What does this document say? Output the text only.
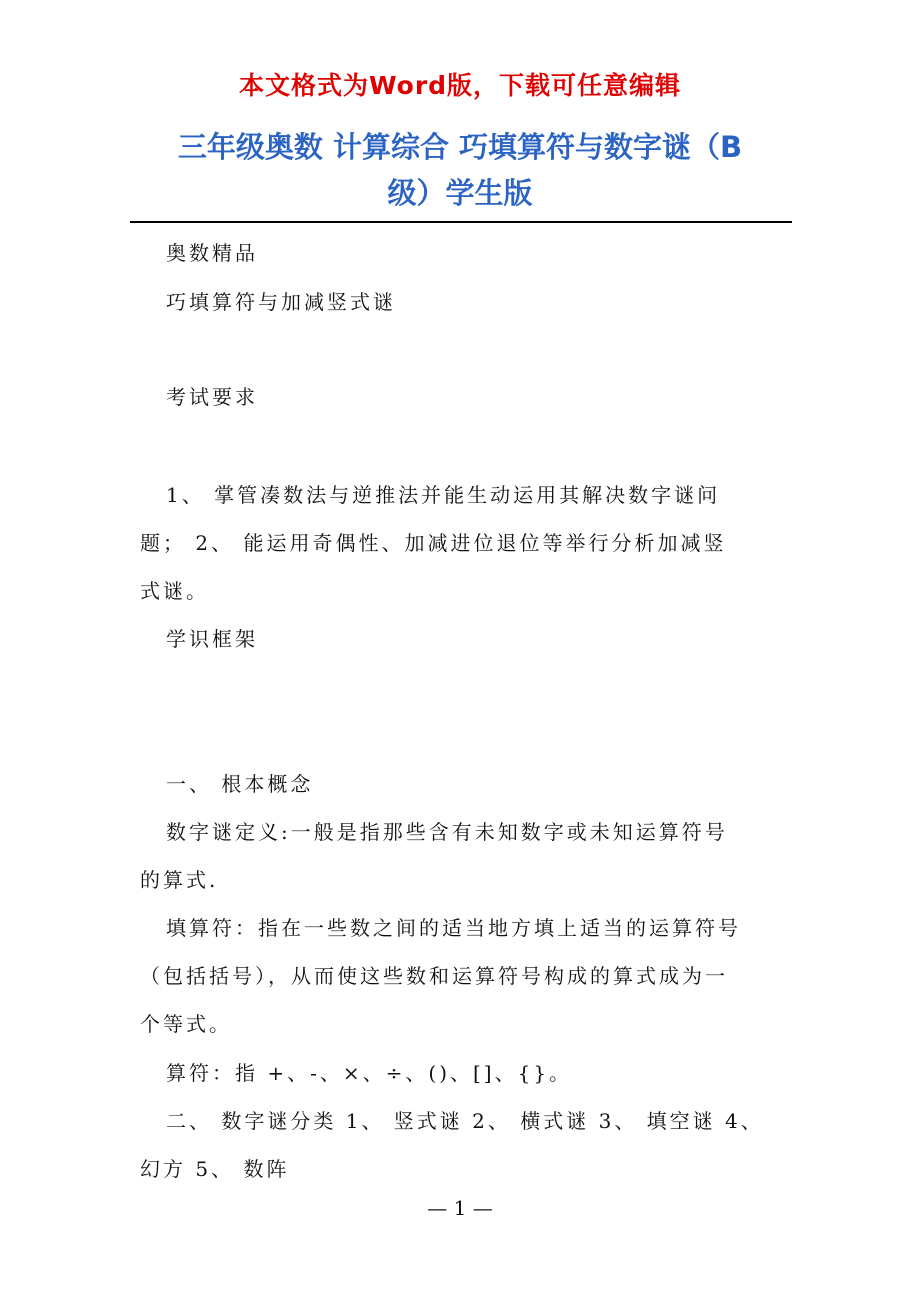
本文格式为Word版，下载可任意编辑
三年级奥数 计算综合 巧填算符与数字谜（B
级）学生版
奥数精品
巧填算符与加减竖式谜
考试要求
1、 掌管凑数法与逆推法并能生动运用其解决数字谜问
题； 2、 能运用奇偶性、加减进位退位等举行分析加减竖
式谜。
学识框架
一、 根本概念
数字谜定义:一般是指那些含有未知数字或未知运算符号
的算式.
填算符：指在一些数之间的适当地方填上适当的运算符号
（包括括号），从而使这些数和运算符号构成的算式成为一
个等式。
算符：指 +、-、×、÷、()、[]、{}。
二、 数字谜分类 1、 竖式谜 2、 横式谜 3、 填空谜 4、
幻方 5、 数阵
— 1 —
